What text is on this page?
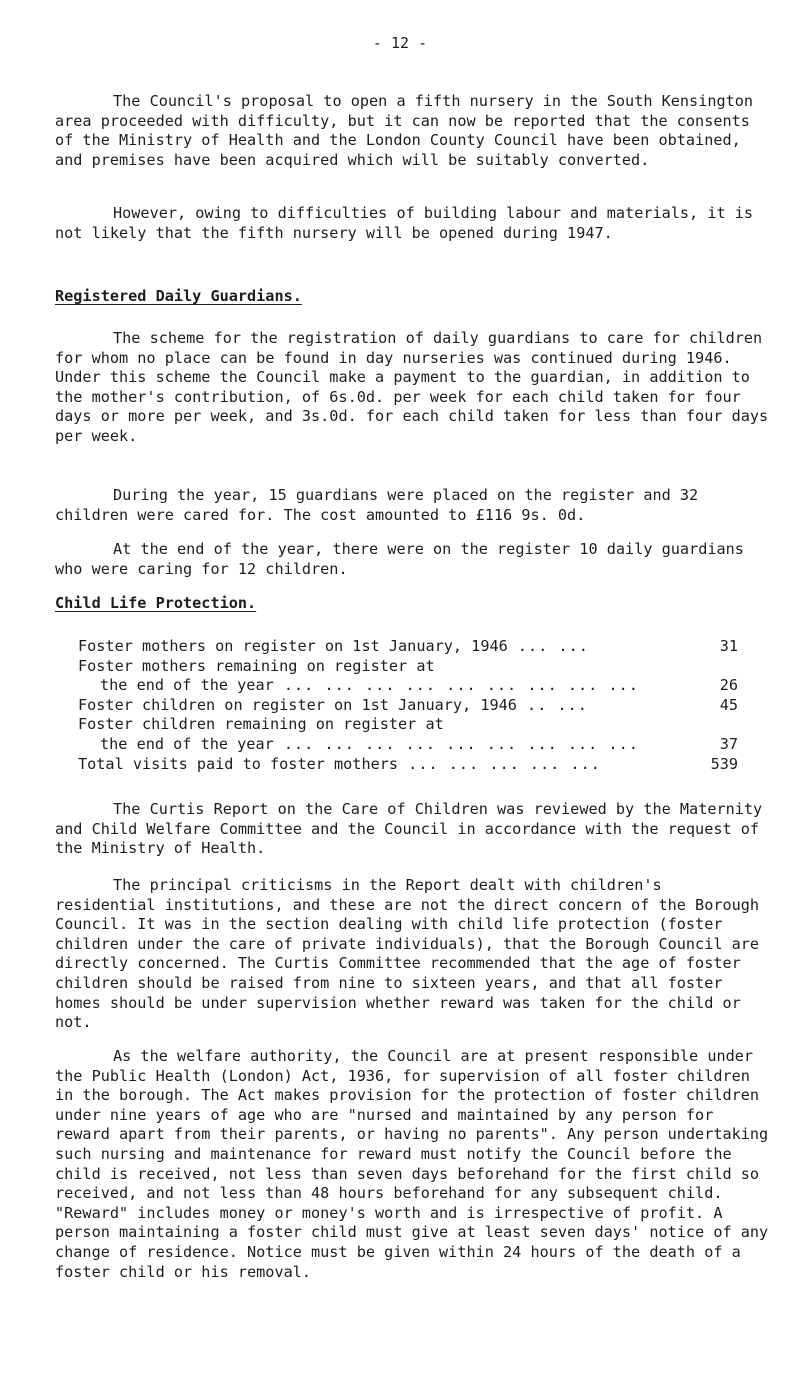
- 12 -

The Council's proposal to open a fifth nursery in the South Kensington area proceeded with difficulty, but it can now be reported that the consents of the Ministry of Health and the London County Council have been obtained, and premises have been acquired which will be suitably converted.

However, owing to difficulties of building labour and materials, it is not likely that the fifth nursery will be opened during 1947.

Registered Daily Guardians.

The scheme for the registration of daily guardians to care for children for whom no place can be found in day nurseries was continued during 1946. Under this scheme the Council make a payment to the guardian, in addition to the mother's contribution, of 6s.0d. per week for each child taken for four days or more per week, and 3s.0d. for each child taken for less than four days per week.

During the year, 15 guardians were placed on the register and 32 children were cared for. The cost amounted to £116 9s. 0d.

At the end of the year, there were on the register 10 daily guardians who were caring for 12 children.

Child Life Protection.
Foster mothers on register on 1st January, 1946 ... ...	31
Foster mothers remaining on register at
the end of the year ... ... ... ... ... ... ... ... ...	26
Foster children on register on 1st January, 1946 .. ...	45
Foster children remaining on register at
the end of the year ... ... ... ... ... ... ... ... ...	37
Total visits paid to foster mothers ... ... ... ... ...	539

The Curtis Report on the Care of Children was reviewed by the Maternity and Child Welfare Committee and the Council in accordance with the request of the Ministry of Health.

The principal criticisms in the Report dealt with children's residential institutions, and these are not the direct concern of the Borough Council. It was in the section dealing with child life protection (foster children under the care of private individuals), that the Borough Council are directly concerned. The Curtis Committee recommended that the age of foster children should be raised from nine to sixteen years, and that all foster homes should be under supervision whether reward was taken for the child or not.

As the welfare authority, the Council are at present responsible under the Public Health (London) Act, 1936, for supervision of all foster children in the borough. The Act makes provision for the protection of foster children under nine years of age who are "nursed and maintained by any person for reward apart from their parents, or having no parents". Any person undertaking such nursing and maintenance for reward must notify the Council before the child is received, not less than seven days beforehand for the first child so received, and not less than 48 hours beforehand for any subsequent child. "Reward" includes money or money's worth and is irrespective of profit. A person maintaining a foster child must give at least seven days' notice of any change of residence. Notice must be given within 24 hours of the death of a foster child or his removal.
